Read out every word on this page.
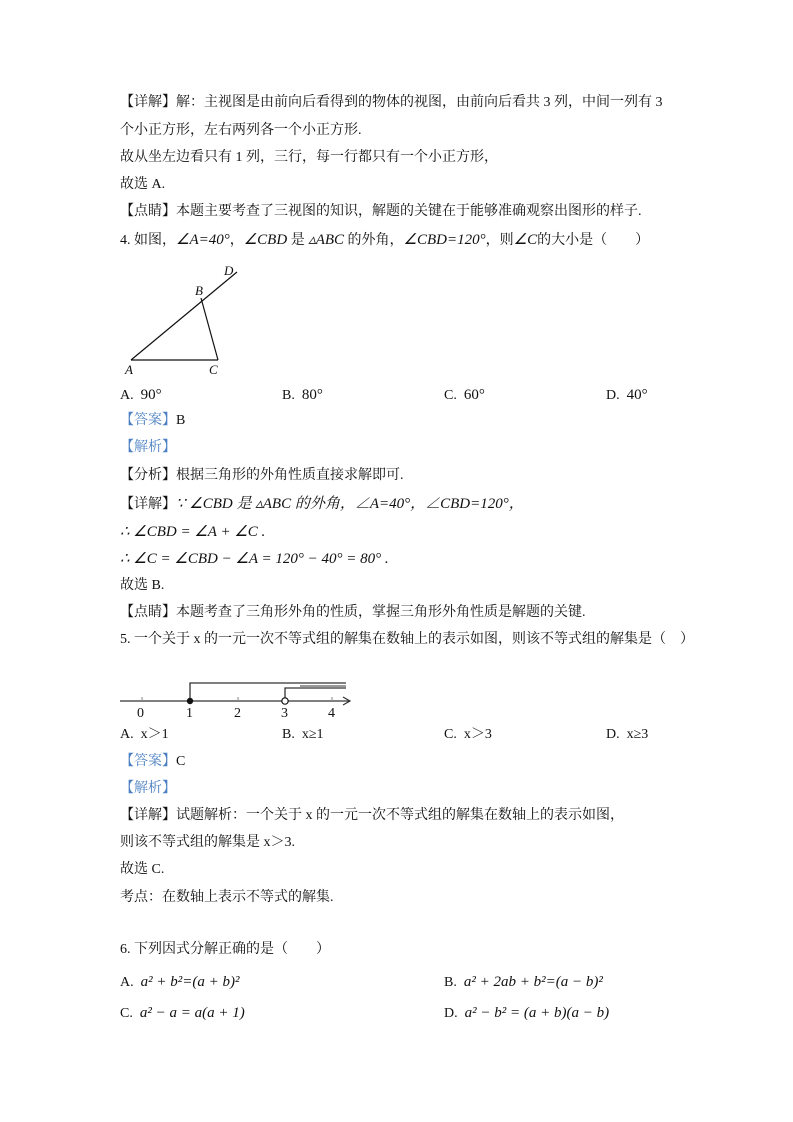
【详解】解：主视图是由前向后看得到的物体的视图，由前向后看共 3 列，中间一列有 3
个小正方形，左右两列各一个小正方形.
故从坐左边看只有 1 列，三行，每一行都只有一个小正方形，
故选 A.
【点睛】本题主要考查了三视图的知识，解题的关键在于能够准确观察出图形的样子.
4. 如图，∠A=40°，∠CBD 是 ▵ABC 的外角，∠CBD=120°，则∠C的大小是（　　）
D
B
A	C
A. 90°	B. 80°	C. 60°	D. 40°
【答案】B
【解析】
【分析】根据三角形的外角性质直接求解即可.
【详解】∵ ∠CBD 是 ▵ABC 的外角，∠A=40°，∠CBD=120°，
∴ ∠CBD = ∠A + ∠C .
∴ ∠C = ∠CBD − ∠A = 120° − 40° = 80° .
故选 B.
【点睛】本题考查了三角形外角的性质，掌握三角形外角性质是解题的关键.
5. 一个关于 x 的一元一次不等式组的解集在数轴上的表示如图，则该不等式组的解集是（　）
0	1	2	3	4
A. x＞1	B. x≥1	C. x＞3	D. x≥3
【答案】C
【解析】
【详解】试题解析：一个关于 x 的一元一次不等式组的解集在数轴上的表示如图，
则该不等式组的解集是 x＞3.
故选 C.
考点：在数轴上表示不等式的解集.
6. 下列因式分解正确的是（　　）
A. a² + b²=(a + b)²	B. a² + 2ab + b²=(a − b)²
C. a² − a = a(a + 1)	D. a² − b² = (a + b)(a − b)
